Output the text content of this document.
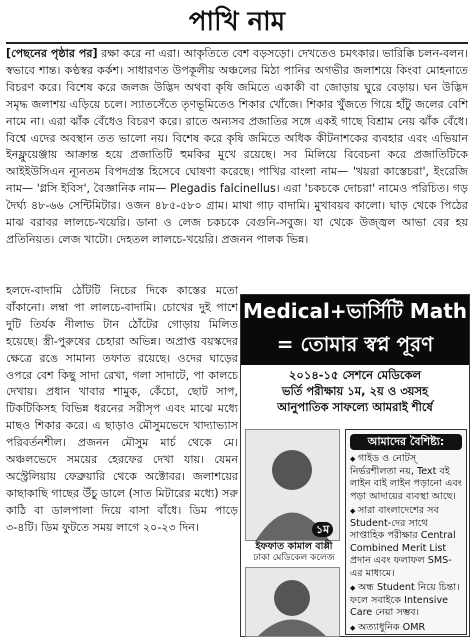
পাখি নাম
[পেছনের পৃষ্ঠার পর] রক্ষা করে না এরা। আকৃতিতে বেশ বড়সড়ো। দেখতেও চমৎকার। ভারিক্কি চলন-বলন। স্বভাবে শান্ত। কণ্ঠস্বর কর্কশ। সাধারণত উপকূলীয় অঞ্চলের মিঠা পানির অগভীর জলাশয়ে কিংবা মোহনাতে বিচরণ করে। বিশেষ করে জলজ উদ্ভিদ অথবা কৃষি জমিতে একাকী বা জোড়ায় ঘুরে বেড়ায়। ঘন উদ্ভিদ সমৃদ্ধ জলাশয় এড়িয়ে চলে। স্যাতসেঁতে তৃণভূমিতেও শিকার খোঁজে। শিকার খুঁজতে গিয়ে হাঁটু জলের বেশি নামে না। এরা ঝাঁক বেঁধেও বিচরণ করে। রাতে অন্যসব প্রজাতির সঙ্গে একই গাছে বিশ্রাম নেয় ঝাঁক বেঁধে। বিশ্বে এদের অবস্থান তত ভালো নয়। বিশেষ করে কৃষি জমিতে অধিক কীটনাশকের ব্যবহার এবং এভিয়ান ইনফ্লুয়েঞ্জায় আক্রান্ত হয়ে প্রজাতিটি হুমকির মুখে রয়েছে। সব মিলিয়ে বিবেচনা করে প্রজাতিটিকে আইইউসিএন ন্যূনতম বিপদগ্রস্ত হিসেবে ঘোষণা করেছে। পাখির বাংলা নাম— 'খয়রা কাস্তেচরা', ইংরেজি নাম— 'গ্লসি ইবিস', বৈজ্ঞানিক নাম— Plegadis falcinellus। এরা 'চকচকে দোচরা' নামেও পরিচিত। গড় দৈর্ঘ্য ৪৮-৬৬ সেন্টিমিটার। ওজন ৪৮৫-৫৮০ গ্রাম। মাথা গাঢ় বাদামি। মুখাবয়ব কালো। ঘাড় থেকে পিঠের মাঝ বরাবর লালচে-খয়েরি। ডানা ও লেজ চকচকে বেগুনি-সবুজ। যা থেকে উজ্জ্বল আভা বের হয় প্রতিনিয়ত। লেজ খাটো। দেহতল লালচে-খয়েরি। প্রজনন পালক ভিন্ন।
হলদে-বাদামি ঠোঁটটি নিচের দিকে কাস্তের মতো বাঁকানো। লম্বা পা লালচে-বাদামি। চোখের দুই পাশে দুটি তির্যক নীলাভ টান ঠোঁটের গোড়ায় মিলিত হয়েছে। স্ত্রী-পুরুষের চেহারা অভিন্ন। অপ্রাপ্ত বয়স্কদের ক্ষেত্রে রঙে সামান্য তফাত রয়েছে। ওদের ঘাড়ের ওপরে বেশ কিছু সাদা রেখা, গলা সাদাটে, পা কালচে দেখায়। প্রধান খাবার শামুক, কেঁচো, ছোট সাপ, টিকটিকিসহ বিভিন্ন ধরনের সরীসৃপ এবং মাঝে মধ্যে মাছও শিকার করে। এ ছাড়াও মৌসুমভেদে খাদ্যাভ্যাস পরিবর্তনশীল। প্রজনন মৌসুম মার্চ থেকে মে। অঞ্চলভেদে সময়ের হেরফের দেখা যায়। যেমন অস্ট্রেলিয়ায় ফেব্রুয়ারি থেকে অক্টোবর। জলাশয়ের কাছাকাছি গাছের উঁচু ডালে (সাত মিটারের মধ্যে) সরু কাঠি বা ডালপালা দিয়ে বাসা বাঁধে। ডিম পাড়ে ৩-৪টি। ডিম ফুটতে সময় লাগে ২০-২৩ দিন।
Medical+ভার্সিটি Math
= তোমার স্বপ্ন পূরণ
২০১৪-১৫ সেশনে মেডিকেল
ভর্তি পরীক্ষায় ১ম, ২য় ও ৩য়সহ
আনুপাতিক সাফল্যে আমরাই শীর্ষে
১ম
ইফফাত কামাল বাপ্পী
ঢাকা মেডিকেল কলেজ
আমাদের বৈশিষ্ট্য:
◆ গাইড ও নোটস্ নির্ভরশীলতা নয়, Text বই লাইন বাই লাইন পড়ানো এবং পড়া আদায়ের ব্যবস্থা আছে।
◆ সারা বাংলাদেশের সব Student-দের সাথে সাপ্তাহিক পরীক্ষার Central Combined Merit List প্রদান এবং ফলাফল SMS-এর মাধ্যমে।
◆ অন্ধ Student নিয়ে চিন্তা। ফলে সবাইকে Intensive Care নেয়া সম্ভব।
◆ অত্যাধুনিক OMR
